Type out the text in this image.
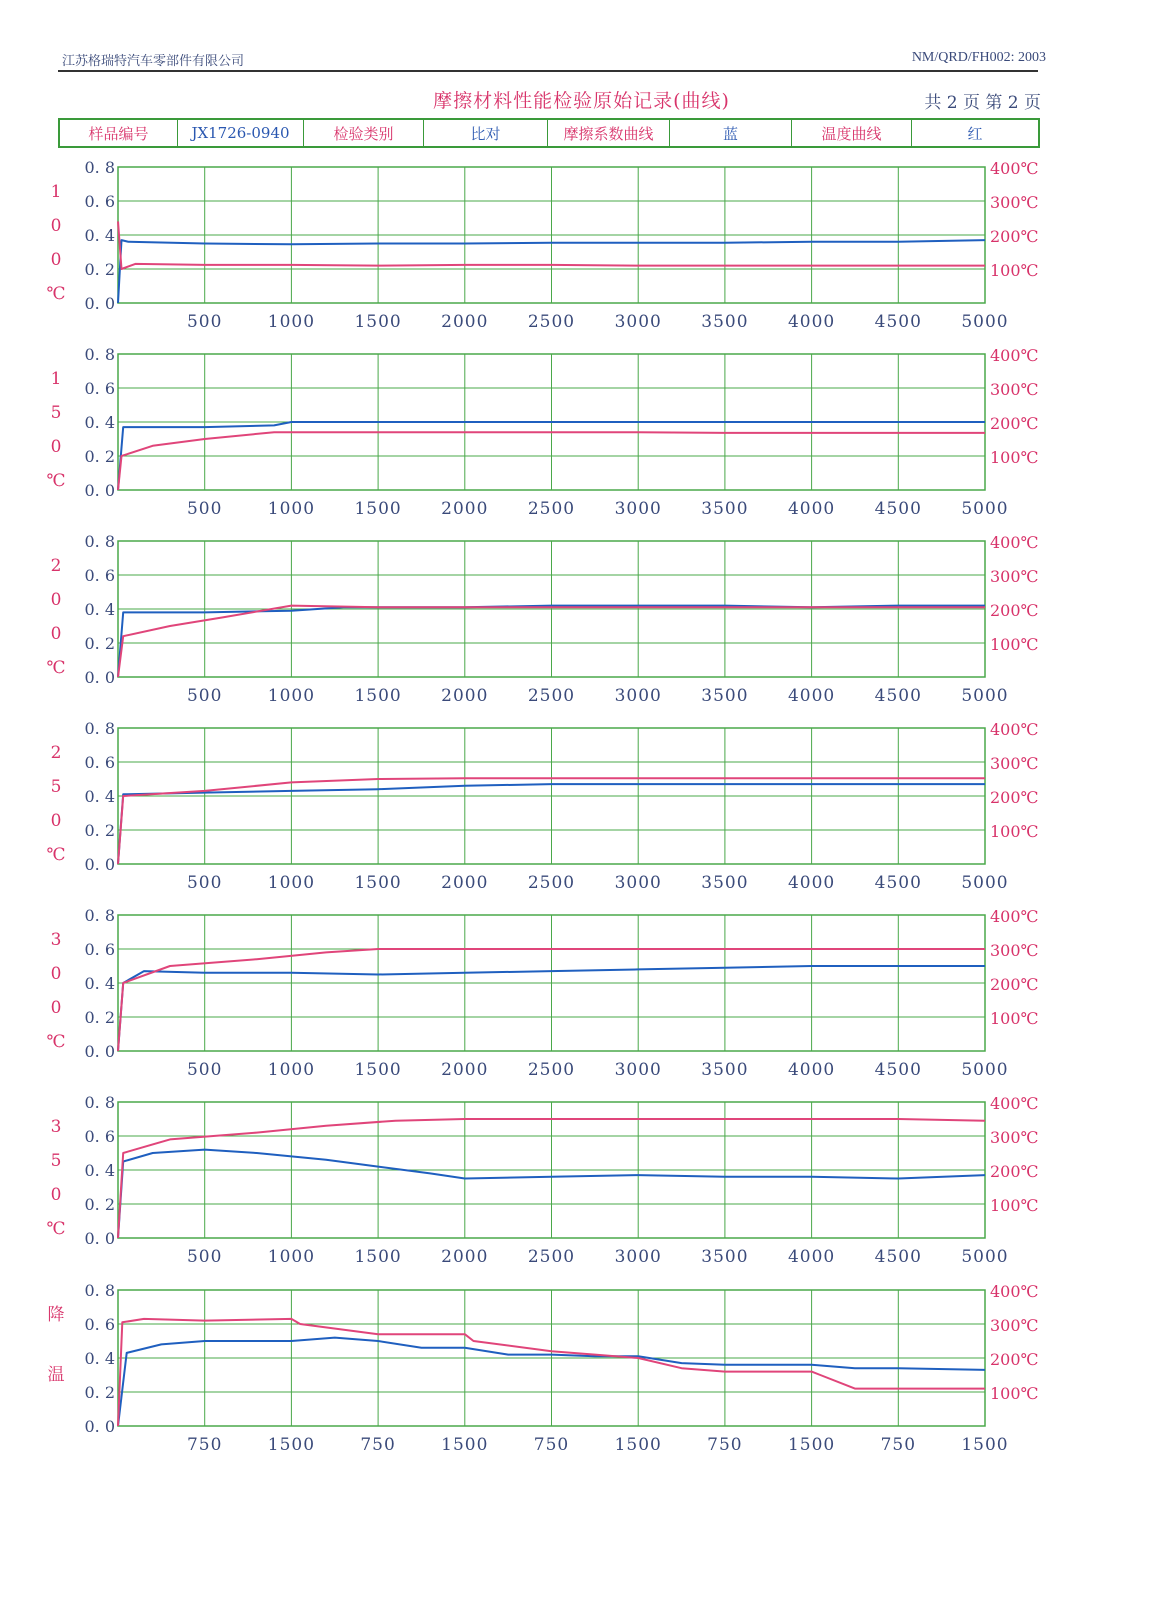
江苏格瑞特汽车零部件有限公司	NM/QRD/FH002: 2003
摩擦材料性能检验原始记录(曲线)	共 2 页 第 2 页
样品编号	JX1726-0940	检验类别	比对	摩擦系数曲线	蓝	温度曲线	红
500	1000 1500 2000 2500 3000 3500 4000 4500 5000
0. 8
0. 6
0. 4
0. 2
0. 0
400℃
300℃
200℃
100℃
1
0
0
℃
500	1000 1500 2000 2500 3000 3500 4000 4500 5000
0. 8
0. 6
0. 4
0. 2
0. 0
400℃
300℃
200℃
100℃
1
5
0
℃
500	1000 1500 2000 2500 3000 3500 4000 4500 5000
0. 8
0. 6
0. 4
0. 2
0. 0
400℃
300℃
200℃
100℃
2
0
0
℃
500	1000 1500 2000 2500 3000 3500 4000 4500 5000
0. 8
0. 6
0. 4
0. 2
0. 0
400℃
300℃
200℃
100℃
2
5
0
℃
500	1000 1500 2000 2500 3000 3500 4000 4500 5000
0. 8
0. 6
0. 4
0. 2
0. 0
400℃
300℃
200℃
100℃
3
0
0
℃
500	1000 1500 2000 2500 3000 3500 4000 4500 5000
0. 8
0. 6
0. 4
0. 2
0. 0
400℃
300℃
200℃
100℃
3
5
0
℃
750	1500	750	1500	750	1500	750	1500	750	1500
0. 8
0. 6
0. 4
0. 2
0. 0
400℃
300℃
200℃
100℃
降
温
